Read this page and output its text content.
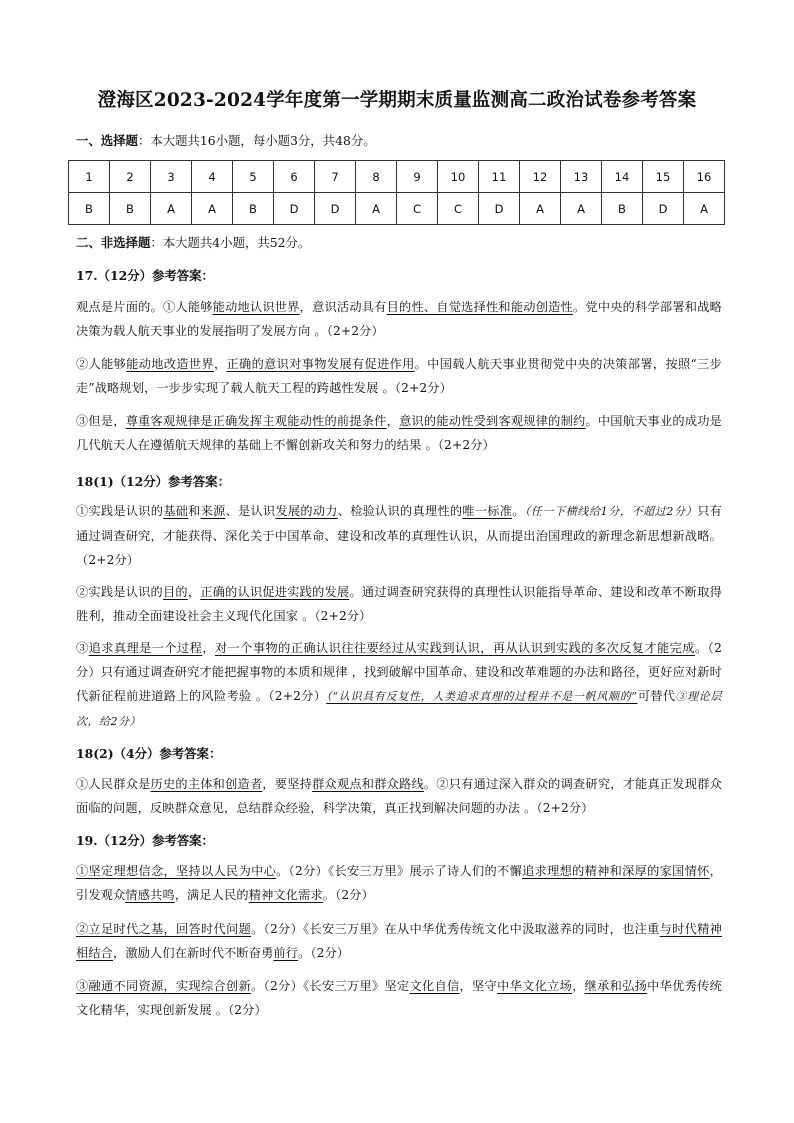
澄海区2023-2024学年度第一学期期末质量监测高二政治试卷参考答案
一、选择题：本大题共16小题，每小题3分，共48分。
1	2	3	4	5	6	7	8	9	10	11	12	13	14	15	16
B	B	A	A	B	D	D	A	C	C	D	A	A	B	D	A
二、非选择题：本大题共4小题，共52分。
17.（12分）参考答案：
观点是片面的。①人能够能动地认识世界，意识活动具有目的性、自觉选择性和能动创造性。党中央的科学部署和战略决策为载人航天事业的发展指明了发展方向 。（2+2分）
②人能够能动地改造世界，正确的意识对事物发展有促进作用。中国载人航天事业贯彻党中央的决策部署，按照“三步走”战略规划，一步步实现了载人航天工程的跨越性发展 。（2+2分）
③但是，尊重客观规律是正确发挥主观能动性的前提条件，意识的能动性受到客观规律的制约。中国航天事业的成功是几代航天人在遵循航天规律的基础上不懈创新攻关和努力的结果 。（2+2分）
18(1)（12分）参考答案：
①实践是认识的基础和来源、是认识发展的动力、检验认识的真理性的唯一标准。（任一下横线给1分，不超过2分）只有通过调查研究，才能获得、深化关于中国革命、建设和改革的真理性认识，从而提出治国理政的新理念新思想新战略。（2+2分）
②实践是认识的目的，正确的认识促进实践的发展。通过调查研究获得的真理性认识能指导革命、建设和改革不断取得胜利，推动全面建设社会主义现代化国家 。（2+2分）
③追求真理是一个过程，对一个事物的正确认识往往要经过从实践到认识，再从认识到实践的多次反复才能完成。（2分）只有通过调查研究才能把握事物的本质和规律 ，找到破解中国革命、建设和改革难题的办法和路径，更好应对新时代新征程前进道路上的风险考验 。（2+2分）（“认识具有反复性，人类追求真理的过程并不是一帆风顺的”可替代③理论层次，给2分）
18(2)（4分）参考答案：
①人民群众是历史的主体和创造者，要坚持群众观点和群众路线。②只有通过深入群众的调查研究，才能真正发现群众面临的问题，反映群众意见，总结群众经验，科学决策，真正找到解决问题的办法 。（2+2分）
19.（12分）参考答案：
①坚定理想信念，坚持以人民为中心。（2分）《长安三万里》展示了诗人们的不懈追求理想的精神和深厚的家国情怀，引发观众情感共鸣，满足人民的精神文化需求。（2分）
②立足时代之基，回答时代问题。（2分）《长安三万里》在从中华优秀传统文化中汲取滋养的同时，也注重与时代精神相结合，激励人们在新时代不断奋勇前行。（2分）
③融通不同资源，实现综合创新。（2分）《长安三万里》坚定文化自信，坚守中华文化立场，继承和弘扬中华优秀传统文化精华，实现创新发展 。（2分）
